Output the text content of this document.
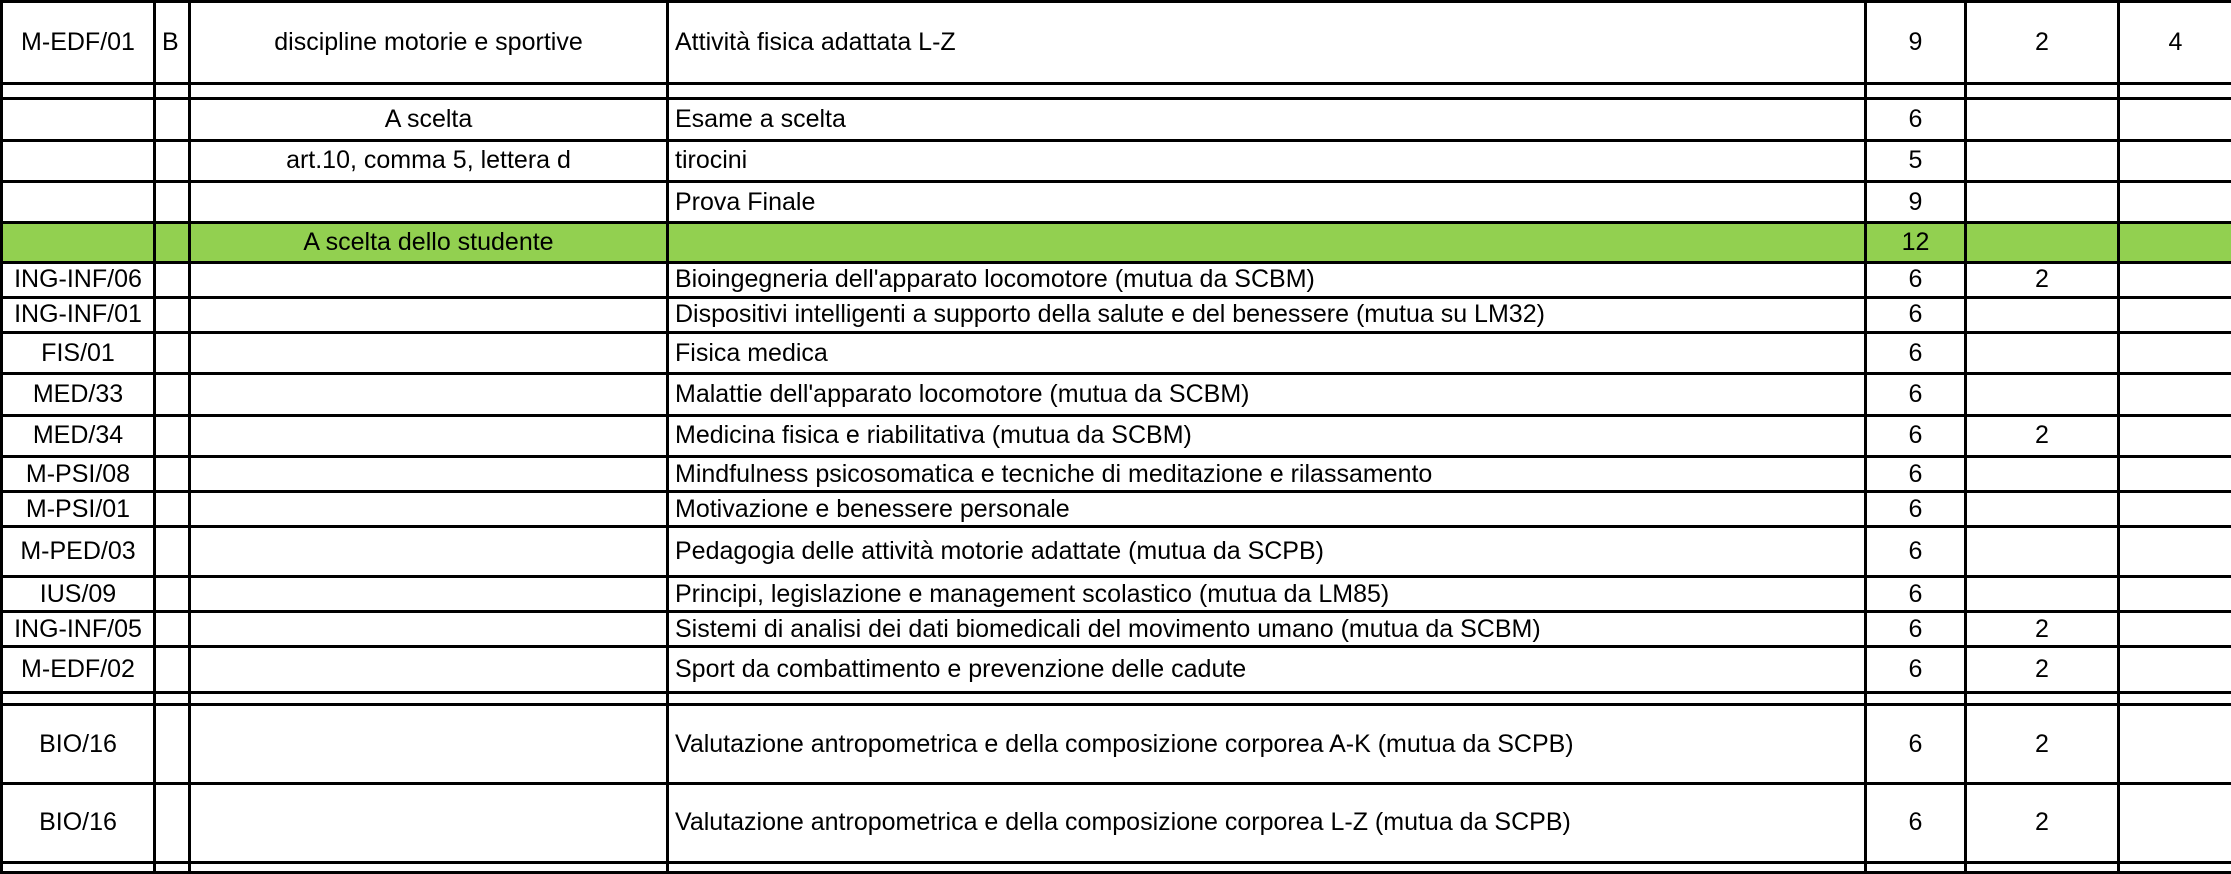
M-EDF/01	B	discipline motorie e sportive	Attività fisica adattata L-Z	9	2	4

		A scelta	Esame a scelta	6		
		art.10, comma 5, lettera d	tirocini	5		
			Prova Finale	9		
		A scelta dello studente		12		
ING-INF/06			Bioingegneria dell'apparato locomotore (mutua da SCBM)	6	2	
ING-INF/01			Dispositivi intelligenti a supporto della salute e del benessere (mutua su LM32)	6		
FIS/01			Fisica medica	6		
MED/33			Malattie dell'apparato locomotore (mutua da SCBM)	6		
MED/34			Medicina fisica e riabilitativa (mutua da SCBM)	6	2	
M-PSI/08			Mindfulness psicosomatica e tecniche di meditazione e rilassamento	6		
M-PSI/01			Motivazione e benessere personale	6		
M-PED/03			Pedagogia delle attività motorie adattate (mutua da SCPB)	6		
IUS/09			Principi, legislazione e management scolastico (mutua da LM85)	6		
ING-INF/05			Sistemi di analisi dei dati biomedicali del movimento umano (mutua da SCBM)	6	2	
M-EDF/02			Sport da combattimento e prevenzione delle cadute	6	2	

BIO/16			Valutazione antropometrica e della composizione corporea A-K (mutua da SCPB)	6	2	
BIO/16			Valutazione antropometrica e della composizione corporea L-Z (mutua da SCPB)	6	2	
